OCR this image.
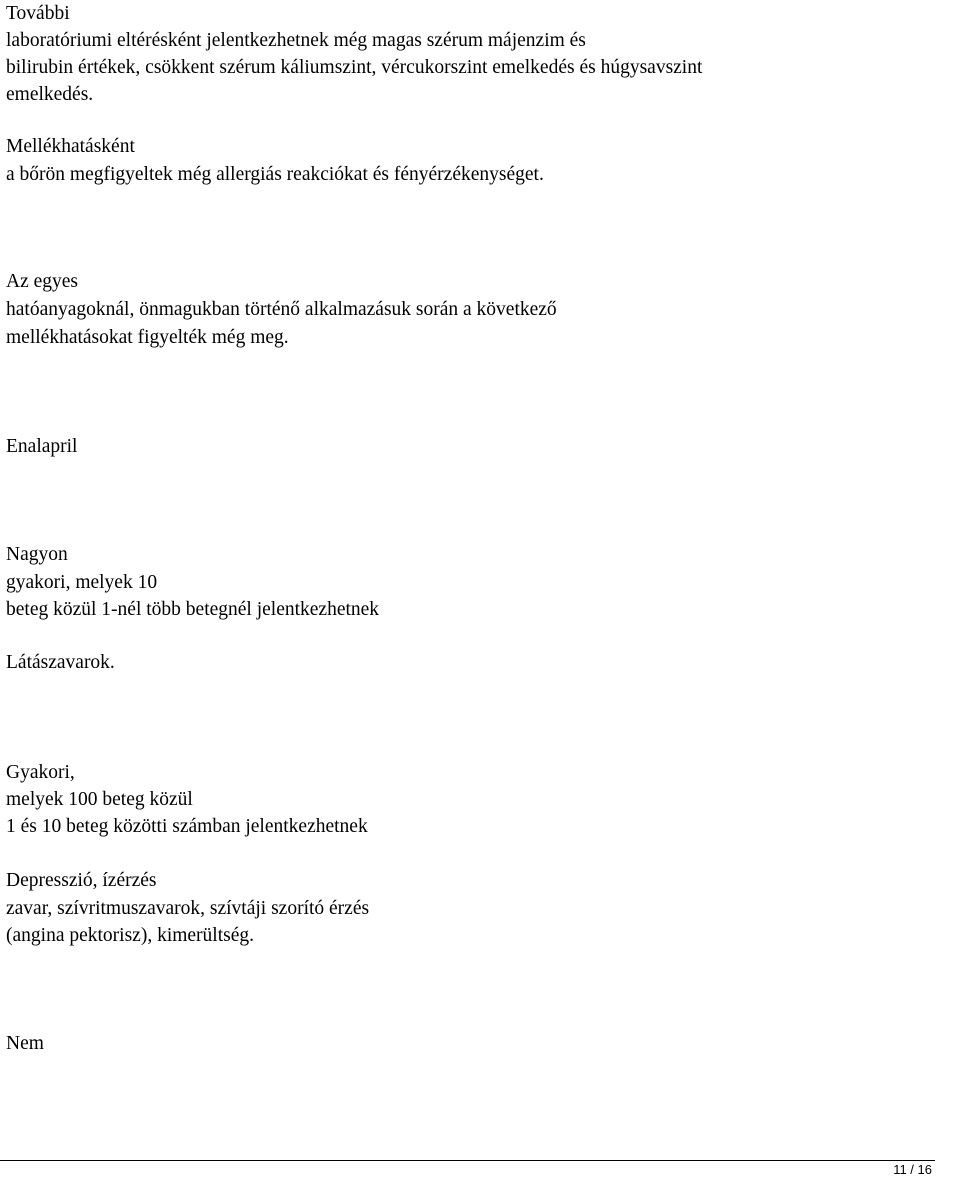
További
laboratóriumi eltérésként jelentkezhetnek még magas szérum májenzim és
bilirubin értékek, csökkent szérum káliumszint, vércukorszint emelkedés és húgysavszint
emelkedés.
Mellékhatásként
a bőrön megfigyeltek még allergiás reakciókat és fényérzékenységet.
Az egyes
hatóanyagoknál, önmagukban történő alkalmazásuk során a következő
mellékhatásokat figyelték még meg.
Enalapril
Nagyon
gyakori, melyek 10
beteg közül 1-nél több betegnél jelentkezhetnek
Látászavarok.
Gyakori,
melyek 100 beteg közül
1 és 10 beteg közötti számban jelentkezhetnek
Depresszió, ízérzés
zavar, szívritmuszavarok, szívtáji szorító érzés
(angina pektorisz), kimerültség.
Nem
11 / 16
